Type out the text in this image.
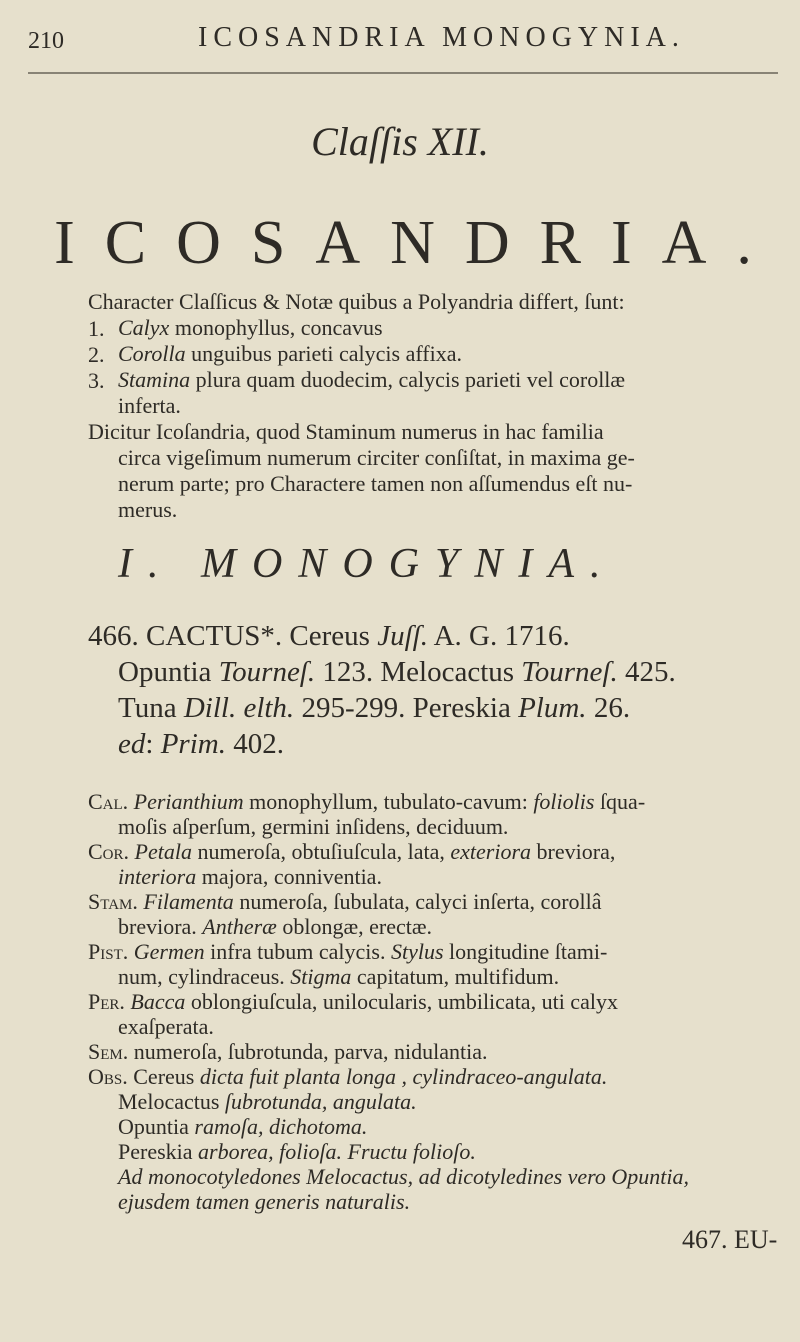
210	ICOSANDRIA MONOGYNIA.
Claſſis XII.
ICOSANDRIA.
Character Claſſicus & Notæ quibus a Polyandria differt, ſunt:
1. Calyx monophyllus, concavus
2. Corolla unguibus parieti calycis affixa.
3. Stamina plura quam duodecim, calycis parieti vel corollæ
inferta.
Dicitur Icoſandria, quod Staminum numerus in hac familia
circa vigeſimum numerum circiter conſiſtat, in maxima ge-
nerum parte; pro Charactere tamen non aſſumendus eſt nu-
merus.
I. MONOGYNIA.
466. CACTUS*. Cereus Juſſ. A. G. 1716.
Opuntia Tourneſ. 123. Melocactus Tourneſ. 425.
Tuna Dill. elth. 295-299. Pereskia Plum. 26.
ed: Prim. 402.
Cal. Perianthium monophyllum, tubulato-cavum: foliolis ſqua-
moſis aſperſum, germini inſidens, deciduum.
Cor. Petala numeroſa, obtuſiuſcula, lata, exteriora breviora,
interiora majora, conniventia.
Stam. Filamenta numeroſa, ſubulata, calyci inſerta, corollâ
breviora. Antheræ oblongæ, erectæ.
Pist. Germen infra tubum calycis. Stylus longitudine ſtami-
num, cylindraceus. Stigma capitatum, multifidum.
Per. Bacca oblongiuſcula, unilocularis, umbilicata, uti calyx
exaſperata.
Sem. numeroſa, ſubrotunda, parva, nidulantia.
Obs. Cereus dicta fuit planta longa , cylindraceo-angulata.
Melocactus ſubrotunda, angulata.
Opuntia ramoſa, dichotoma.
Pereskia arborea, folioſa. Fructu folioſo.
Ad monocotyledones Melocactus, ad dicotyledines vero Opuntia,
ejusdem tamen generis naturalis.
467. EU-
